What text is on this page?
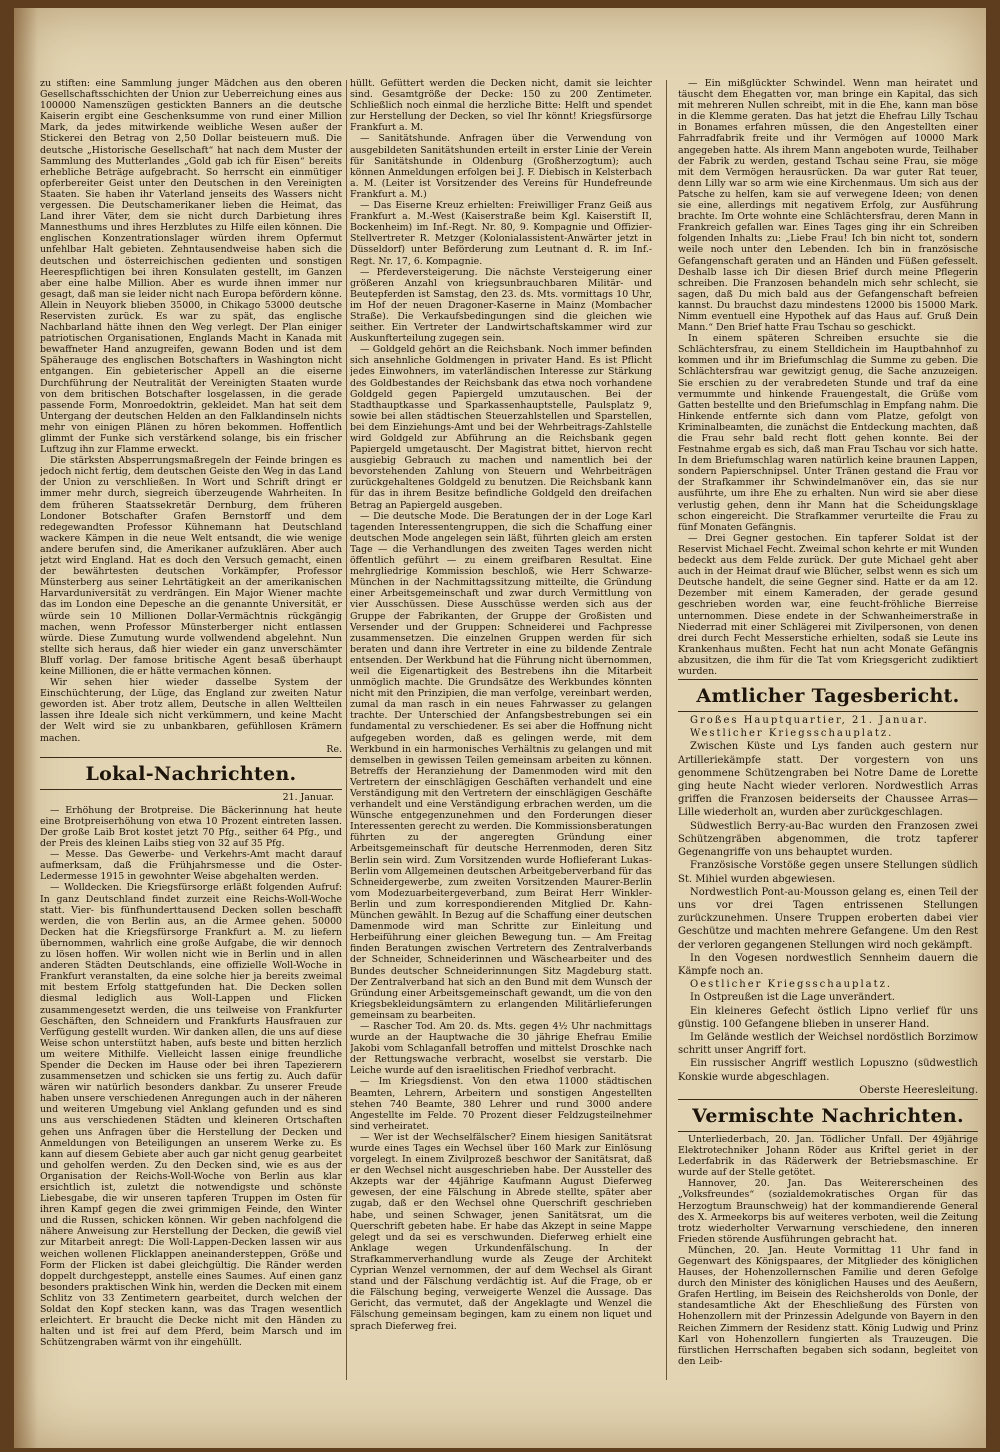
zu stiften: eine Sammlung junger Mädchen aus den oberen Gesellschaftsschichten der Union zur Ueberreichung eines aus 100000 Namenszügen gestickten Banners an die deutsche Kaiserin ergibt eine Geschenksumme von rund einer Million Mark, da jedes mitwirkende weibliche Wesen außer der Stickerei den Betrag von 2,50 Dollar beisteuern muß. Die deutsche „Historische Gesellschaft“ hat nach dem Muster der Sammlung des Mutterlandes „Gold gab ich für Eisen“ bereits erhebliche Beträge aufgebracht. So herrscht ein einmütiger opferbereiter Geist unter den Deutschen in den Vereinigten Staaten. Sie haben ihr Vaterland jenseits des Wassers nicht vergessen. Die Deutschamerikaner lieben die Heimat, das Land ihrer Väter, dem sie nicht durch Darbietung ihres Mannesthums und ihres Herzblutes zu Hilfe eilen können. Die englischen Konzentrationslager würden ihrem Opfermut unfehlbar Halt gebieten. Zehntausendweise haben sich die deutschen und österreichischen gedienten und sonstigen Heerespflichtigen bei ihren Konsulaten gestellt, im Ganzen aber eine halbe Million. Aber es wurde ihnen immer nur gesagt, daß man sie leider nicht nach Europa befördern könne. Allein in Neuyork blieben 35000, in Chikago 53000 deutsche Reservisten zurück. Es war zu spät, das englische Nachbarland hätte ihnen den Weg verlegt. Der Plan einiger patriotischen Organisationen, Englands Macht in Kanada mit bewaffneter Hand anzugreifen, gewann Boden und ist dem Späherauge des englischen Botschafters in Washington nicht entgangen. Ein gebieterischer Appell an die eiserne Durchführung der Neutralität der Vereinigten Staaten wurde von dem britischen Botschafter losgelassen, in die gerade passende Form, Monroedoktrin, gekleidet. Man hat seit dem Untergang der deutschen Helden an den Falklandinseln nichts mehr von einigen Plänen zu hören bekommen. Hoffentlich glimmt der Funke sich verstärkend solange, bis ein frischer Luftzug ihn zur Flamme erweckt.

Die stärksten Absperrungsmaßregeln der Feinde bringen es jedoch nicht fertig, dem deutschen Geiste den Weg in das Land der Union zu verschließen. In Wort und Schrift dringt er immer mehr durch, siegreich überzeugende Wahrheiten. In dem früheren Staatssekretär Dernburg, dem früheren Londoner Botschafter Grafen Bernstorff und dem redegewandten Professor Kühnemann hat Deutschland wackere Kämpen in die neue Welt entsandt, die wie wenige andere berufen sind, die Amerikaner aufzuklären. Aber auch jetzt wird England. Hat es doch den Versuch gemacht, einen der bewährtesten deutschen Vorkämpfer, Professor Münsterberg aus seiner Lehrtätigkeit an der amerikanischen Harvarduniversität zu verdrängen. Ein Major Wiener machte das im London eine Depesche an die genannte Universität, er würde sein 10 Millionen Dollar-Vermächtnis rückgängig machen, wenn Professor Münsterberger nicht entlassen würde. Diese Zumutung wurde vollwendend abgelehnt. Nun stellte sich heraus, daß hier wieder ein ganz unverschämter Bluff vorlag. Der famose britische Agent besaß überhaupt keine Millionen, die er hätte vermachen können.

Wir sehen hier wieder dasselbe System der Einschüchterung, der Lüge, das England zur zweiten Natur geworden ist. Aber trotz allem, Deutsche in allen Weltteilen lassen ihre Ideale sich nicht verkümmern, und keine Macht der Welt wird sie zu unbankbaren, gefühllosen Krämern machen.

Re.
Lokal-Nachrichten.
21. Januar.

— Erhöhung der Brotpreise. Die Bäckerinnung hat heute eine Brotpreiserhöhung von etwa 10 Prozent eintreten lassen. Der große Laib Brot kostet jetzt 70 Pfg., seither 64 Pfg., und der Preis des kleinen Laibs stieg von 32 auf 35 Pfg.

— Messe. Das Gewerbe- und Verkehrs-Amt macht darauf aufmerksam, daß die Frühjahrsmesse und die Oster-Ledermesse 1915 in gewohnter Weise abgehalten werden.

— Wolldecken. Die Kriegsfürsorge erläßt folgenden Aufruf: In ganz Deutschland findet zurzeit eine Reichs-Woll-Woche statt. Vier- bis fünfhunderttausend Decken sollen beschafft werden, die von Berlin aus, an die Armee gehen. 50000 Decken hat die Kriegsfürsorge Frankfurt a. M. zu liefern übernommen, wahrlich eine große Aufgabe, die wir dennoch zu lösen hoffen. Wir wollen nicht wie in Berlin und in allen anderen Städten Deutschlands, eine offizielle Woll-Woche in Frankfurt veranstalten, da eine solche hier ja bereits zweimal mit bestem Erfolg stattgefunden hat. Die Decken sollen diesmal lediglich aus Woll-Lappen und Flicken zusammengesetzt werden, die uns teilweise von Frankfurter Geschäften, den Schneidern und Frankfurts Hausfrauen zur Verfügung gestellt wurden. Wir danken allen, die uns auf diese Weise schon unterstützt haben, aufs beste und bitten herzlich um weitere Mithilfe. Vielleicht lassen einige freundliche Spender die Decken im Hause oder bei ihren Tapezierern zusammensetzen und schicken sie uns fertig zu. Auch dafür wären wir natürlich besonders dankbar. Zu unserer Freude haben unsere verschiedenen Anregungen auch in der näheren und weiteren Umgebung viel Anklang gefunden und es sind uns aus verschiedenen Städten und kleineren Ortschaften gehen uns Anfragen über die Herstellung der Decken und Anmeldungen von Beteiligungen an unserem Werke zu. Es kann auf diesem Gebiete aber auch gar nicht genug gearbeitet und geholfen werden. Zu den Decken sind, wie es aus der Organisation der Reichs-Woll-Woche von Berlin aus klar ersichtlich ist, zuletzt die notwendigste und schönste Liebesgabe, die wir unseren tapferen Truppen im Osten für ihren Kampf gegen die zwei grimmigen Feinde, den Winter und die Russen, schicken können. Wir geben nachfolgend die nähere Anweisung zur Herstellung der Decken, die gewiß viel zur Mitarbeit anregt: Die Woll-Lappen-Decken lassen wir aus weichen wollenen Flicklappen aneinandersteppen, Größe und Form der Flicken ist dabei gleichgültig. Die Ränder werden doppelt durchgesteppt, anstelle eines Saumes. Auf einen ganz besonders praktischen Wink hin, werden die Decken mit einem Schlitz von 33 Zentimetern gearbeitet, durch welchen der Soldat den Kopf stecken kann, was das Tragen wesentlich erleichtert. Er braucht die Decke nicht mit den Händen zu halten und ist frei auf dem Pferd, beim Marsch und im Schützengraben wärmt von ihr eingehüllt.

hüllt. Gefüttert werden die Decken nicht, damit sie leichter sind. Gesamtgröße der Decke: 150 zu 200 Zentimeter. Schließlich noch einmal die herzliche Bitte: Helft und spendet zur Herstellung der Decken, so viel Ihr könnt! Kriegsfürsorge Frankfurt a. M.

— Sanitätshunde. Anfragen über die Verwendung von ausgebildeten Sanitätshunden erteilt in erster Linie der Verein für Sanitätshunde in Oldenburg (Großherzogtum); auch können Anmeldungen erfolgen bei J. F. Diebisch in Kelsterbach a. M. (Leiter ist Vorsitzender des Vereins für Hundefreunde Frankfurt a. M.)

— Das Eiserne Kreuz erhielten: Freiwilliger Franz Geiß aus Frankfurt a. M.-West (Kaiserstraße beim Kgl. Kaiserstift II, Bockenheim) im Inf.-Regt. Nr. 80, 9. Kompagnie und Offizier-Stellvertreter R. Metzger (Kolonialassistent-Anwärter jetzt in Düsseldorf) unter Beförderung zum Leutnant d. R. im Inf.-Regt. Nr. 17, 6. Kompagnie.

— Pferdeversteigerung. Die nächste Versteigerung einer größeren Anzahl von kriegsunbrauchbaren Militär- und Beutepferden ist Samstag, den 23. ds. Mts. vormittags 10 Uhr, im Hof der neuen Dragoner-Kaserne in Mainz (Mombacher Straße). Die Verkaufsbedingungen sind die gleichen wie seither. Ein Vertreter der Landwirtschaftskammer wird zur Auskunfterteilung zugegen sein.

— Goldgeld gehört an die Reichsbank. Noch immer befinden sich ansehnliche Goldmengen in privater Hand. Es ist Pflicht jedes Einwohners, im vaterländischen Interesse zur Stärkung des Goldbestandes der Reichsbank das etwa noch vorhandene Goldgeld gegen Papiergeld umzutauschen. Bei der Stadthauptkasse und Sparkassenhauptstelle, Paulsplatz 9, sowie bei allen städtischen Steuerzahlstellen und Sparstellen, bei dem Einziehungs-Amt und bei der Wehrbeitrags-Zahlstelle wird Goldgeld zur Abführung an die Reichsbank gegen Papiergeld umgetauscht. Der Magistrat bittet, hiervon recht ausgiebig Gebrauch zu machen und namentlich bei der bevorstehenden Zahlung von Steuern und Wehrbeiträgen zurückgehaltenes Goldgeld zu benutzen. Die Reichsbank kann für das in ihrem Besitze befindliche Goldgeld den dreifachen Betrag an Papiergeld ausgeben.

— Die deutsche Mode. Die Beratungen der in der Loge Karl tagenden Interessentengruppen, die sich die Schaffung einer deutschen Mode angelegen sein läßt, führten gleich am ersten Tage — die Verhandlungen des zweiten Tages werden nicht öffentlich geführt — zu einem greifbaren Resultat. Eine mehrgliedrige Kommission beschloß, wie Herr Schwarze-München in der Nachmittagssitzung mitteilte, die Gründung einer Arbeitsgemeinschaft und zwar durch Vermittlung von vier Ausschüssen. Diese Ausschüsse werden sich aus der Gruppe der Fabrikanten, der Gruppe der Großisten und Versender und der Gruppen: Schneiderei und Fachpresse zusammensetzen. Die einzelnen Gruppen werden für sich beraten und dann ihre Vertreter in eine zu bildende Zentrale entsenden. Der Werkbund hat die Führung nicht übernommen, weil die Eigenartigkeit des Bestrebens ihn die Mitarbeit unmöglich machte. Die Grundsätze des Werkbundes könnten nicht mit den Prinzipien, die man verfolge, vereinbart werden, zumal da man rasch in ein neues Fahrwasser zu gelangen trachte. Der Unterschied der Anfangsbestrebungen sei ein fundamental zu verschiedener. Es sei aber die Hoffnung nicht aufgegeben worden, daß es gelingen werde, mit dem Werkbund in ein harmonisches Verhältnis zu gelangen und mit demselben in gewissen Teilen gemeinsam arbeiten zu können. Betreffs der Heranziehung der Damenmoden wird mit den Vertretern der einschlägigen Geschäften verhandelt und eine Verständigung mit den Vertretern der einschlägigen Geschäfte verhandelt und eine Verständigung erbrachen werden, um die Wünsche entgegenzunehmen und den Forderungen dieser Interessenten gerecht zu werden. Die Kommissionsberatungen führten zu der angeregten Gründung einer Arbeitsgemeinschaft für deutsche Herrenmoden, deren Sitz Berlin sein wird. Zum Vorsitzenden wurde Hoflieferant Lukas-Berlin vom Allgemeinen deutschen Arbeitgeberverband für das Schneidergewerbe, zum zweiten Vorsitzenden Maurer-Berlin vom Modezuarbeitergeverband, zum Beirat Herr Winkler-Berlin und zum korrespondierenden Mitglied Dr. Kahn-München gewählt. In Bezug auf die Schaffung einer deutschen Damenmode wird man Schritte zur Einleitung und Herbeiführung einer gleichen Bewegung tun. — Am Freitag finden Beratungen zwischen Vertretern des Zentralverbands der Schneider, Schneiderinnen und Wäschearbeiter und des Bundes deutscher Schneiderinnungen Sitz Magdeburg statt. Der Zentralverband hat sich an den Bund mit dem Wunsch der Gründung einer Arbeitsgemeinschaft gewandt, um die von den Kriegsbekleidungsämtern zu erlangenden Militärlieferungen gemeinsam zu bearbeiten.

— Rascher Tod. Am 20. ds. Mts. gegen 4½ Uhr nachmittags wurde an der Hauptwache die 30 jährige Ehefrau Emilie Jakobi vom Schlaganfall betroffen und mittelst Droschke nach der Rettungswache verbracht, woselbst sie verstarb. Die Leiche wurde auf den israelitischen Friedhof verbracht.

— Im Kriegsdienst. Von den etwa 11000 städtischen Beamten, Lehrern, Arbeitern und sonstigen Angestellten stehen 740 Beamte, 380 Lehrer und rund 3000 andere Angestellte im Felde. 70 Prozent dieser Feldzugsteilnehmer sind verheiratet.

— Wer ist der Wechselfälscher? Einem hiesigen Sanitätsrat wurde eines Tages ein Wechsel über 160 Mark zur Einlösung vorgelegt. In einem Zivilprozeß beschwor der Sanitätsrat, daß er den Wechsel nicht ausgeschrieben habe. Der Aussteller des Akzepts war der 44jährige Kaufmann August Dieferweg gewesen, der eine Fälschung in Abrede stellte, später aber zugab, daß er den Wechsel ohne Querschrift geschrieben habe, und seinen Schwager, jenen Sanitätsrat, um die Querschrift gebeten habe. Er habe das Akzept in seine Mappe gelegt und da sei es verschwunden. Dieferweg erhielt eine Anklage wegen Urkundenfälschung. In der Strafkammerverhandlung wurde als Zeuge der Architekt Cyprian Wenzel vernommen, der auf dem Wechsel als Girant stand und der Fälschung verdächtig ist. Auf die Frage, ob er die Fälschung beging, verweigerte Wenzel die Aussage. Das Gericht, das vermutet, daß der Angeklagte und Wenzel die Fälschung gemeinsam begingen, kam zu einem non liquet und sprach Dieferweg frei.

— Ein mißglückter Schwindel. Wenn man heiratet und täuscht dem Ehegatten vor, man bringe ein Kapital, das sich mit mehreren Nullen schreibt, mit in die Ehe, kann man böse in die Klemme geraten. Das hat jetzt die Ehefrau Lilly Tschau in Bonames erfahren müssen, die den Angestellten einer Fahrradfabrik freite und ihr Vermögen auf 10000 Mark angegeben hatte. Als ihrem Mann angeboten wurde, Teilhaber der Fabrik zu werden, gestand Tschau seine Frau, sie möge mit dem Vermögen herausrücken. Da war guter Rat teuer, denn Lilly war so arm wie eine Kirchenmaus. Um sich aus der Patsche zu helfen, kam sie auf verwegene Ideen; von denen sie eine, allerdings mit negativem Erfolg, zur Ausführung brachte. Im Orte wohnte eine Schlächtersfrau, deren Mann in Frankreich gefallen war. Eines Tages ging ihr ein Schreiben folgenden Inhalts zu: „Liebe Frau! Ich bin nicht tot, sondern weile noch unter den Lebenden. Ich bin in französische Gefangenschaft geraten und an Händen und Füßen gefesselt. Deshalb lasse ich Dir diesen Brief durch meine Pflegerin schreiben. Die Franzosen behandeln mich sehr schlecht, sie sagen, daß Du mich bald aus der Gefangenschaft befreien kannst. Du brauchst dazu mindestens 12000 bis 15000 Mark. Nimm eventuell eine Hypothek auf das Haus auf. Gruß Dein Mann.“ Den Brief hatte Frau Tschau so geschickt.

In einem späteren Schreiben ersuchte sie die Schlächtersfrau, zu einem Stelldichein im Hauptbahnhof zu kommen und ihr im Briefumschlag die Summe zu geben. Die Schlächtersfrau war gewitzigt genug, die Sache anzuzeigen. Sie erschien zu der verabredeten Stunde und traf da eine vermummte und hinkende Frauengestalt, die Grüße vom Gatten bestellte und den Briefumschlag in Empfang nahm. Die Hinkende entfernte sich dann vom Platze, gefolgt von Kriminalbeamten, die zunächst die Entdeckung machten, daß die Frau sehr bald recht flott gehen konnte. Bei der Festnahme ergab es sich, daß man Frau Tschau vor sich hatte. In dem Briefumschlag waren natürlich keine braunen Lappen, sondern Papierschnipsel. Unter Tränen gestand die Frau vor der Strafkammer ihr Schwindelmanöver ein, das sie nur ausführte, um ihre Ehe zu erhalten. Nun wird sie aber diese verlustig gehen, denn ihr Mann hat die Scheidungsklage schon eingereicht. Die Strafkammer verurteilte die Frau zu fünf Monaten Gefängnis.

— Drei Gegner gestochen. Ein tapferer Soldat ist der Reservist Michael Fecht. Zweimal schon kehrte er mit Wunden bedeckt aus dem Felde zurück. Der gute Michael geht aber auch in der Heimat drauf wie Blücher, selbst wenn es sich um Deutsche handelt, die seine Gegner sind. Hatte er da am 12. Dezember mit einem Kameraden, der gerade gesund geschrieben worden war, eine feucht-fröhliche Bierreise unternommen. Diese endete in der Schwanheimerstraße in Niederrad mit einer Schlägerei mit Zivilpersonen, von denen drei durch Fecht Messerstiche erhielten, sodaß sie Leute ins Krankenhaus mußten. Fecht hat nun acht Monate Gefängnis abzusitzen, die ihm für die Tat vom Kriegsgericht zudiktiert wurden.

Amtlicher Tagesbericht.

Großes Hauptquartier, 21. Januar.

Westlicher Kriegsschauplatz.

Zwischen Küste und Lys fanden auch gestern nur Artilleriekämpfe statt. Der vorgestern von uns genommene Schützengraben bei Notre Dame de Lorette ging heute Nacht wieder verloren. Nordwestlich Arras griffen die Franzosen beiderseits der Chaussee Arras—Lille wiederholt an, wurden aber zurückgeschlagen.

Südwestlich Berry-au-Bac wurden den Franzosen zwei Schützengräben abgenommen, die trotz tapferer Gegenangriffe von uns behauptet wurden.

Französische Vorstöße gegen unsere Stellungen südlich St. Mihiel wurden abgewiesen.

Nordwestlich Pont-au-Mousson gelang es, einen Teil der uns vor drei Tagen entrissenen Stellungen zurückzunehmen. Unsere Truppen eroberten dabei vier Geschütze und machten mehrere Gefangene. Um den Rest der verloren gegangenen Stellungen wird noch gekämpft.

In den Vogesen nordwestlich Sennheim dauern die Kämpfe noch an.

Oestlicher Kriegsschauplatz.

In Ostpreußen ist die Lage unverändert.

Ein kleineres Gefecht östlich Lipno verlief für uns günstig. 100 Gefangene blieben in unserer Hand.

Im Gelände westlich der Weichsel nordöstlich Borzimow schritt unser Angriff fort.

Ein russischer Angriff westlich Lopuszno (südwestlich Konskie wurde abgeschlagen.

Oberste Heeresleitung.
Vermischte Nachrichten.

Unterliederbach, 20. Jan. Tödlicher Unfall. Der 49jährige Elektrotechniker Johann Röder aus Kriftel geriet in der Lederfabrik in das Räderwerk der Betriebsmaschine. Er wurde auf der Stelle getötet.

Hannover, 20. Jan. Das Weitererscheinen des „Volksfreundes“ (sozialdemokratisches Organ für das Herzogtum Braunschweig) hat der kommandierende General des X. Armeekorps bis auf weiteres verboten, weil die Zeitung trotz wiederholter Verwarnung verschiedene, den inneren Frieden störende Ausführungen gebracht hat.

München, 20. Jan. Heute Vormittag 11 Uhr fand in Gegenwart des Königspaares, der Mitglieder des königlichen Hauses, der Hohenzollernschen Familie und deren Gefolge durch den Minister des königlichen Hauses und des Aeußern, Grafen Hertling, im Beisein des Reichsherolds von Donle, der standesamtliche Akt der Eheschließung des Fürsten von Hohenzollern mit der Prinzessin Adelgunde von Bayern in den Reichen Zimmern der Residenz statt. König Ludwig und Prinz Karl von Hohenzollern fungierten als Trauzeugen. Die fürstlichen Herrschaften begaben sich sodann, begleitet von den Leib-
